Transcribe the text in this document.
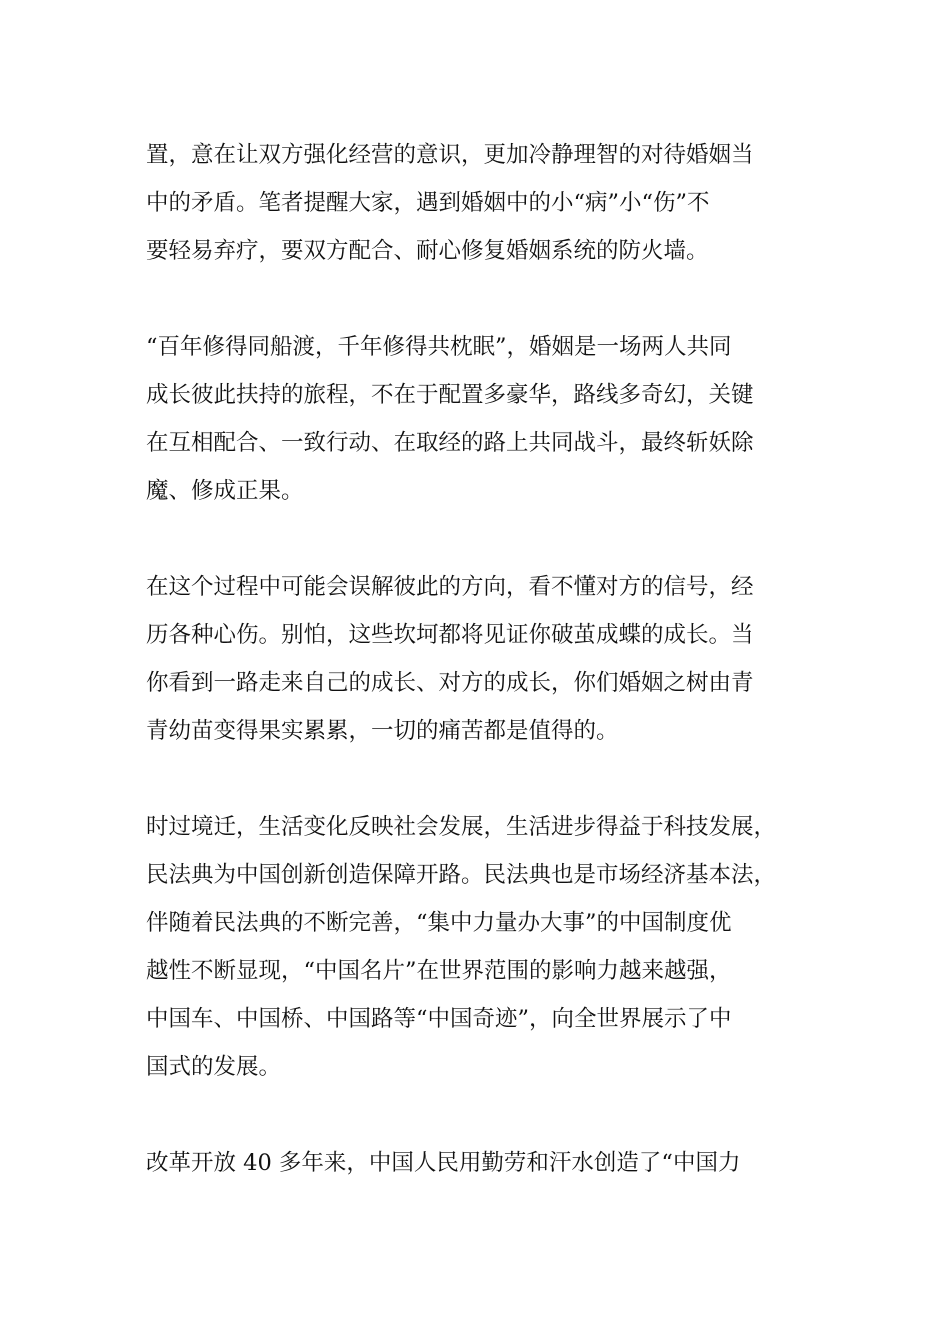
置，意在让双方强化经营的意识，更加冷静理智的对待婚姻当
中的矛盾。笔者提醒大家，遇到婚姻中的小“病”小“伤”不
要轻易弃疗，要双方配合、耐心修复婚姻系统的防火墙。
“百年修得同船渡，千年修得共枕眠”，婚姻是一场两人共同
成长彼此扶持的旅程，不在于配置多豪华，路线多奇幻，关键
在互相配合、一致行动、在取经的路上共同战斗，最终斩妖除
魔、修成正果。
在这个过程中可能会误解彼此的方向，看不懂对方的信号，经
历各种心伤。别怕，这些坎坷都将见证你破茧成蝶的成长。当
你看到一路走来自己的成长、对方的成长，你们婚姻之树由青
青幼苗变得果实累累，一切的痛苦都是值得的。
时过境迁，生活变化反映社会发展，生活进步得益于科技发展，
民法典为中国创新创造保障开路。民法典也是市场经济基本法，
伴随着民法典的不断完善，“集中力量办大事”的中国制度优
越性不断显现，“中国名片”在世界范围的影响力越来越强，
中国车、中国桥、中国路等“中国奇迹”，向全世界展示了中
国式的发展。
改革开放 40 多年来，中国人民用勤劳和汗水创造了“中国力
